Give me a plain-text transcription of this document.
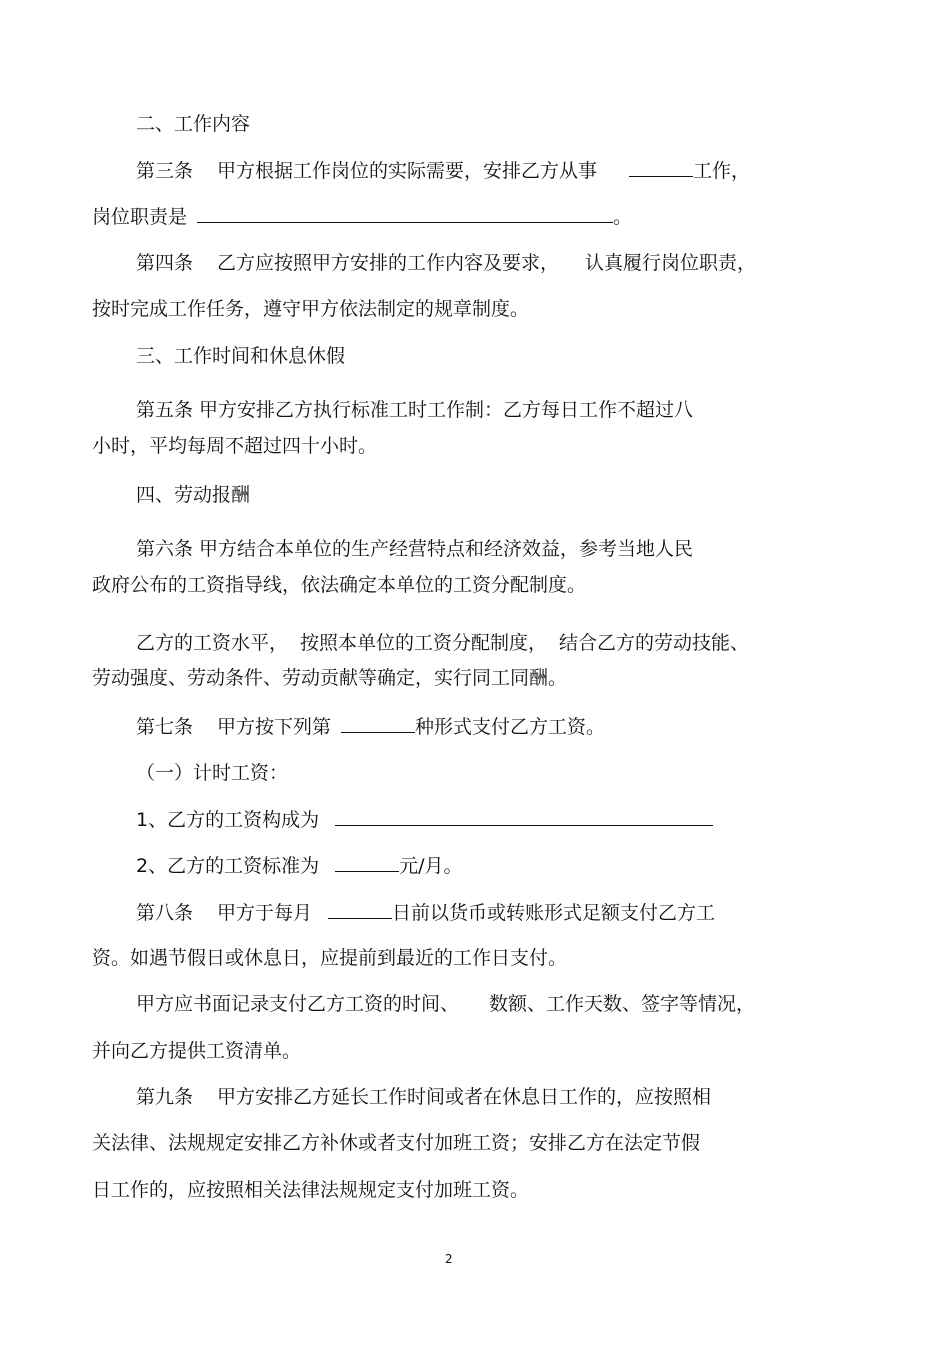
二、工作内容
第三条 甲方根据工作岗位的实际需要，安排乙方从事	工作，
岗位职责是	。
第四条 乙方应按照甲方安排的工作内容及要求， 认真履行岗位职责，
按时完成工作任务，遵守甲方依法制定的规章制度。
三、工作时间和休息休假
第五条 甲方安排乙方执行标准工时工作制：乙方每日工作不超过八
小时，平均每周不超过四十小时。
四、劳动报酬
第六条 甲方结合本单位的生产经营特点和经济效益，参考当地人民
政府公布的工资指导线，依法确定本单位的工资分配制度。
乙方的工资水平， 按照本单位的工资分配制度， 结合乙方的劳动技能、
劳动强度、劳动条件、劳动贡献等确定，实行同工同酬。
第七条 甲方按下列第	种形式支付乙方工资。
（一）计时工资：
1、乙方的工资构成为
2、乙方的工资标准为	元/月。
第八条 甲方于每月	日前以货币或转账形式足额支付乙方工
资。如遇节假日或休息日，应提前到最近的工作日支付。
甲方应书面记录支付乙方工资的时间、 数额、工作天数、签字等情况，
并向乙方提供工资清单。
第九条 甲方安排乙方延长工作时间或者在休息日工作的，应按照相
关法律、法规规定安排乙方补休或者支付加班工资；安排乙方在法定节假
日工作的，应按照相关法律法规规定支付加班工资。
2
